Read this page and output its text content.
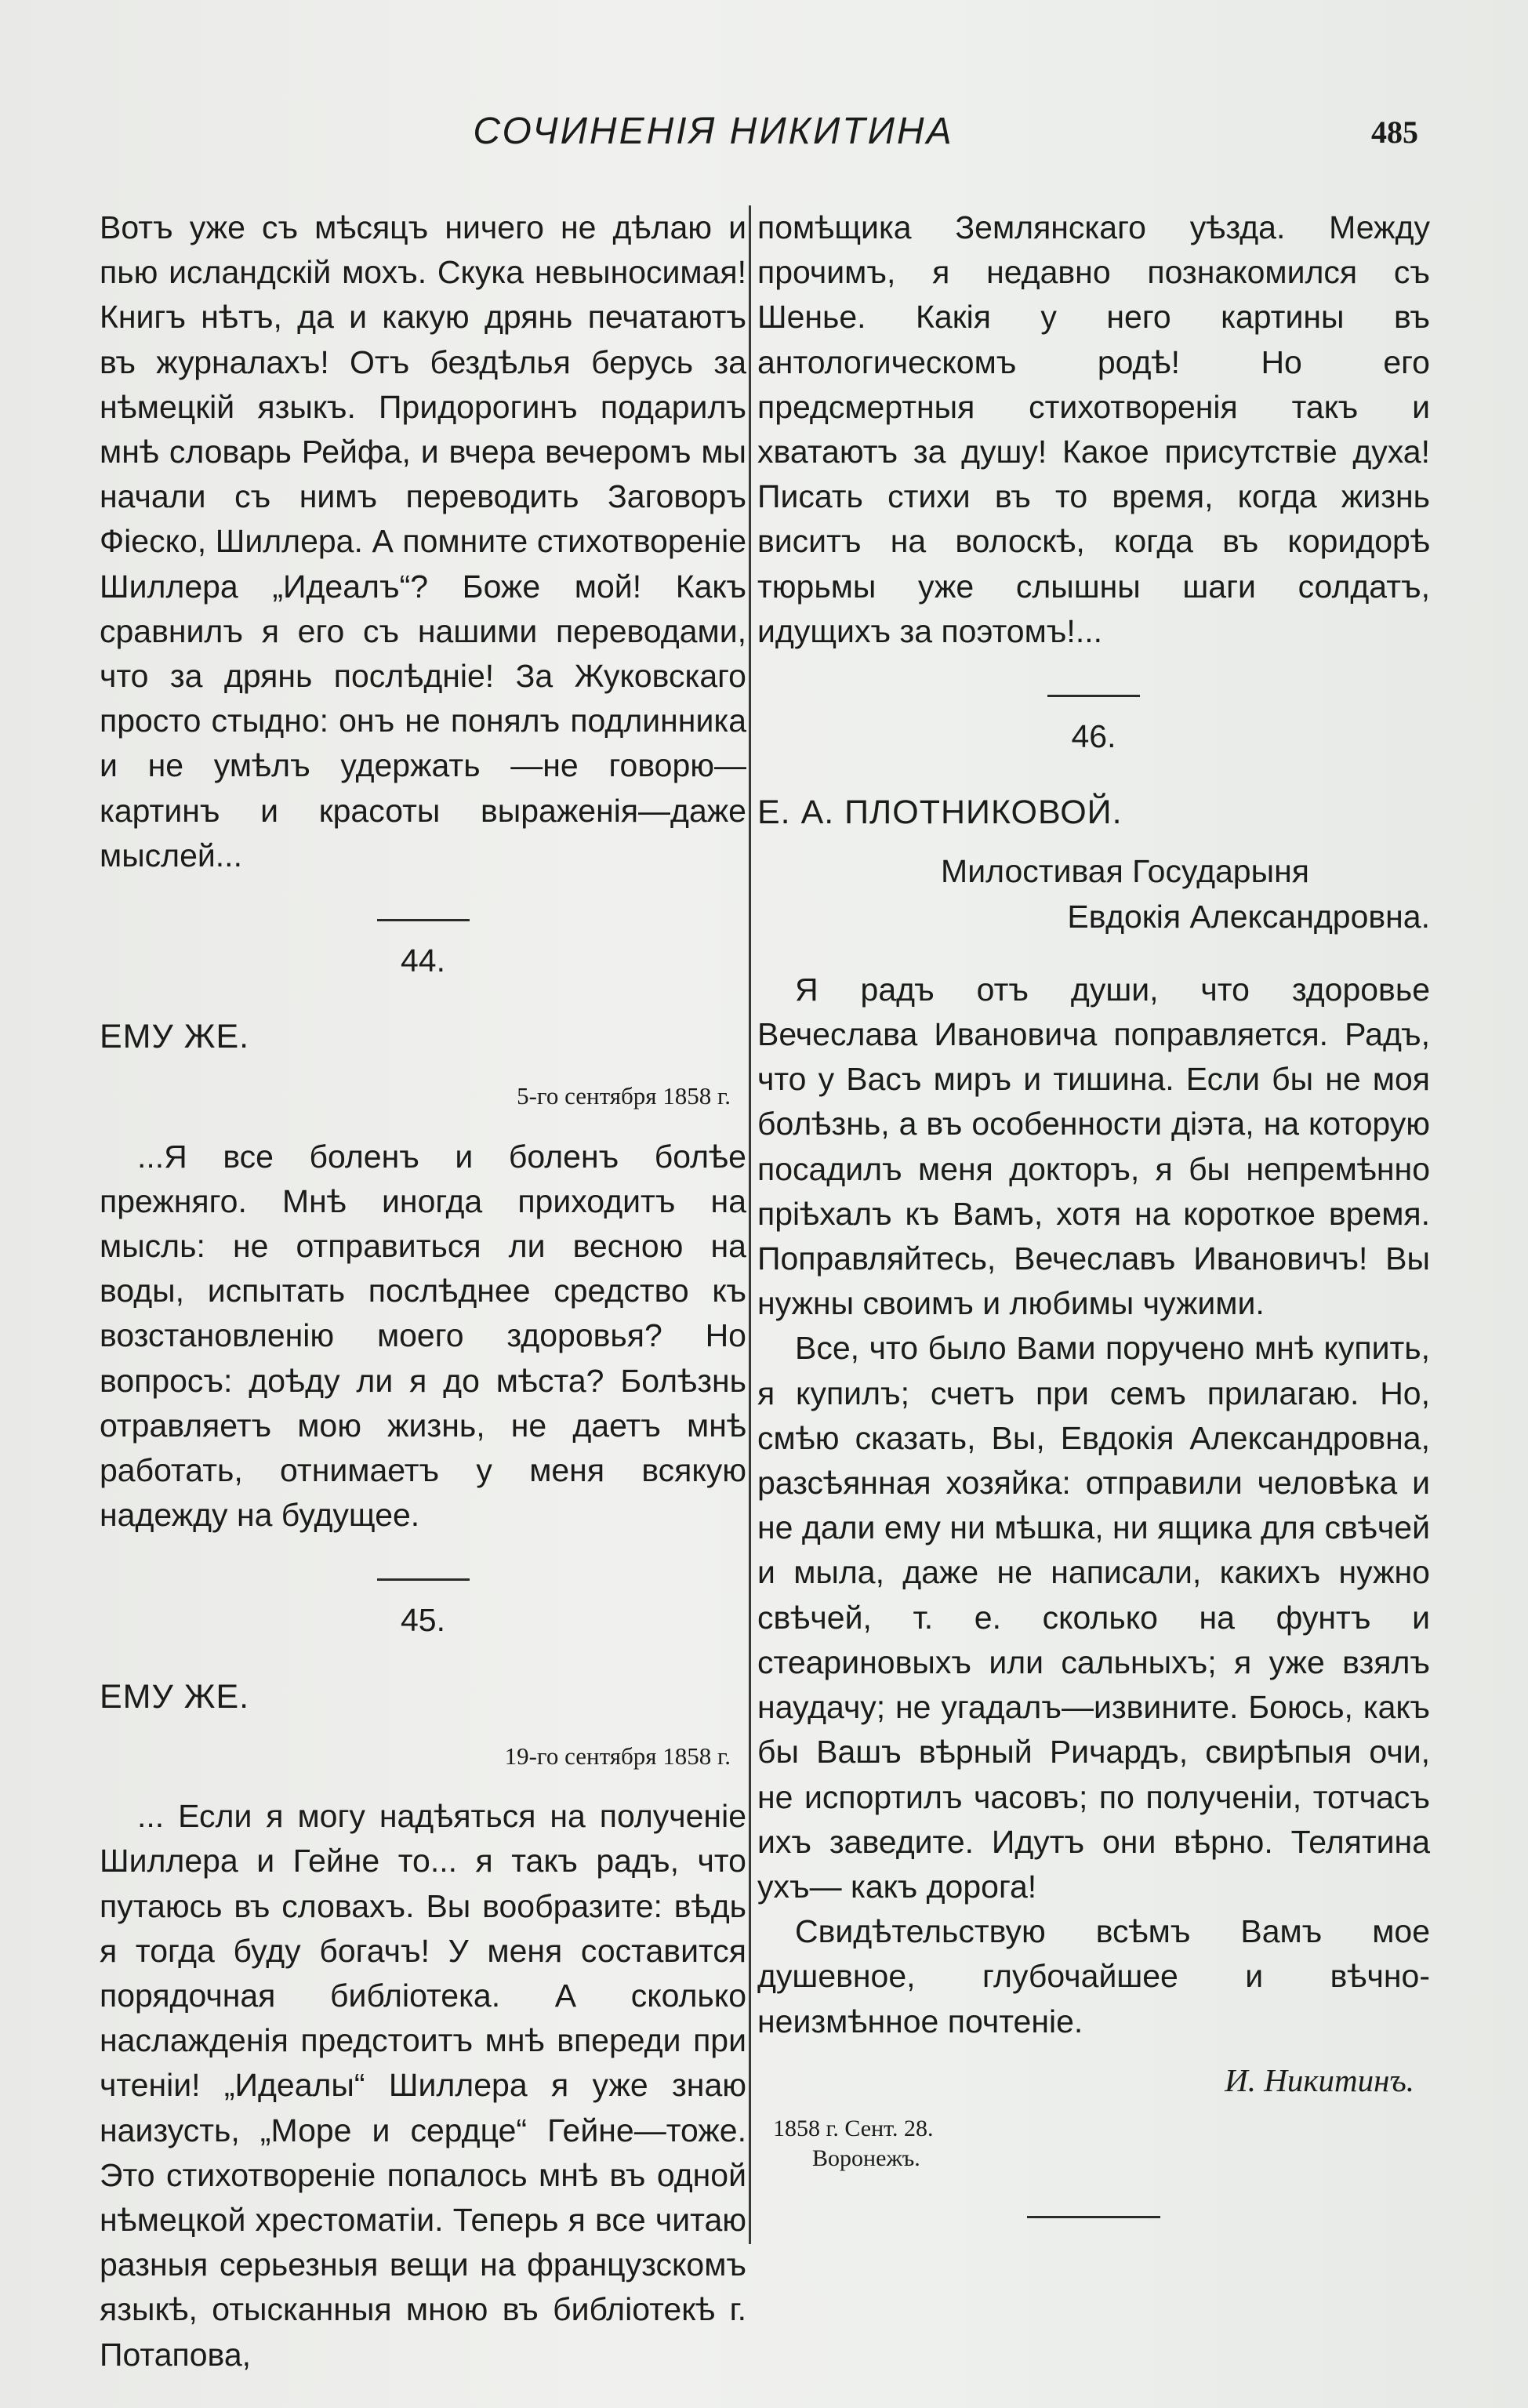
СОЧИНЕНІЯ НИКИТИНА	485

Вотъ уже съ мѣсяцъ ничего не дѣлаю и пью исландскій мохъ. Скука невыносимая! Книгъ нѣтъ, да и какую дрянь печатаютъ въ журналахъ! Отъ бездѣлья берусь за нѣмецкій языкъ. Придорогинъ подарилъ мнѣ словарь Рейфа, и вчера вечеромъ мы начали съ нимъ переводить Заговоръ Фіеско, Шиллера. А помните стихотвореніе Шиллера „Идеалъ“? Боже мой! Какъ сравнилъ я его съ нашими переводами, что за дрянь послѣдніе! За Жуковскаго просто стыдно: онъ не понялъ подлинника и не умѣлъ удержать —не говорю—картинъ и красоты выраженія—даже мыслей...

44.

ЕМУ ЖЕ.

5-го сентября 1858 г.

...Я все боленъ и боленъ болѣе прежняго. Мнѣ иногда приходитъ на мысль: не отправиться ли весною на воды, испытать послѣднее средство къ возстановленію моего здоровья? Но вопросъ: доѣду ли я до мѣста? Болѣзнь отравляетъ мою жизнь, не даетъ мнѣ работать, отнимаетъ у меня всякую надежду на будущее.

45.

ЕМУ ЖЕ.

19-го сентября 1858 г.

... Если я могу надѣяться на полученіе Шиллера и Гейне то... я такъ радъ, что путаюсь въ словахъ. Вы вообразите: вѣдь я тогда буду богачъ! У меня составится порядочная библіотека. А сколько наслажденія предстоитъ мнѣ впереди при чтеніи! „Идеалы“ Шиллера я уже знаю наизусть, „Море и сердце“ Гейне—тоже. Это стихотвореніе попалось мнѣ въ одной нѣмецкой хрестоматіи. Теперь я все читаю разныя серьезныя вещи на французскомъ языкѣ, отысканныя мною въ библіотекѣ г. Потапова,

помѣщика Землянскаго уѣзда. Между прочимъ, я недавно познакомился съ Шенье. Какія у него картины въ антологическомъ родѣ! Но его предсмертныя стихотворенія такъ и хватаютъ за душу! Какое присутствіе духа! Писать стихи въ то время, когда жизнь виситъ на волоскѣ, когда въ коридорѣ тюрьмы уже слышны шаги солдатъ, идущихъ за поэтомъ!...

46.

Е. А. ПЛОТНИКОВОЙ.

Милостивая Государыня

Евдокія Александровна.

Я радъ отъ души, что здоровье Вечеслава Ивановича поправляется. Радъ, что у Васъ миръ и тишина. Если бы не моя болѣзнь, а въ особенности діэта, на которую посадилъ меня докторъ, я бы непремѣнно пріѣхалъ къ Вамъ, хотя на короткое время. Поправляйтесь, Вечеславъ Ивановичъ! Вы нужны своимъ и любимы чужими.

Все, что было Вами поручено мнѣ купить, я купилъ; счетъ при семъ прилагаю. Но, смѣю сказать, Вы, Евдокія Александровна, разсѣянная хозяйка: отправили человѣка и не дали ему ни мѣшка, ни ящика для свѣчей и мыла, даже не написали, какихъ нужно свѣчей, т. е. сколько на фунтъ и стеариновыхъ или сальныхъ; я уже взялъ наудачу; не угадалъ—извините. Боюсь, какъ бы Вашъ вѣрный Ричардъ, свирѣпыя очи, не испортилъ часовъ; по полученіи, тотчасъ ихъ заведите. Идутъ они вѣрно. Телятина ухъ— какъ дорога!

Свидѣтельствую всѣмъ Вамъ мое душевное, глубочайшее и вѣчно-неизмѣнное почтеніе.

И. Никитинъ.

1858 г. Сент. 28.

Воронежъ.
